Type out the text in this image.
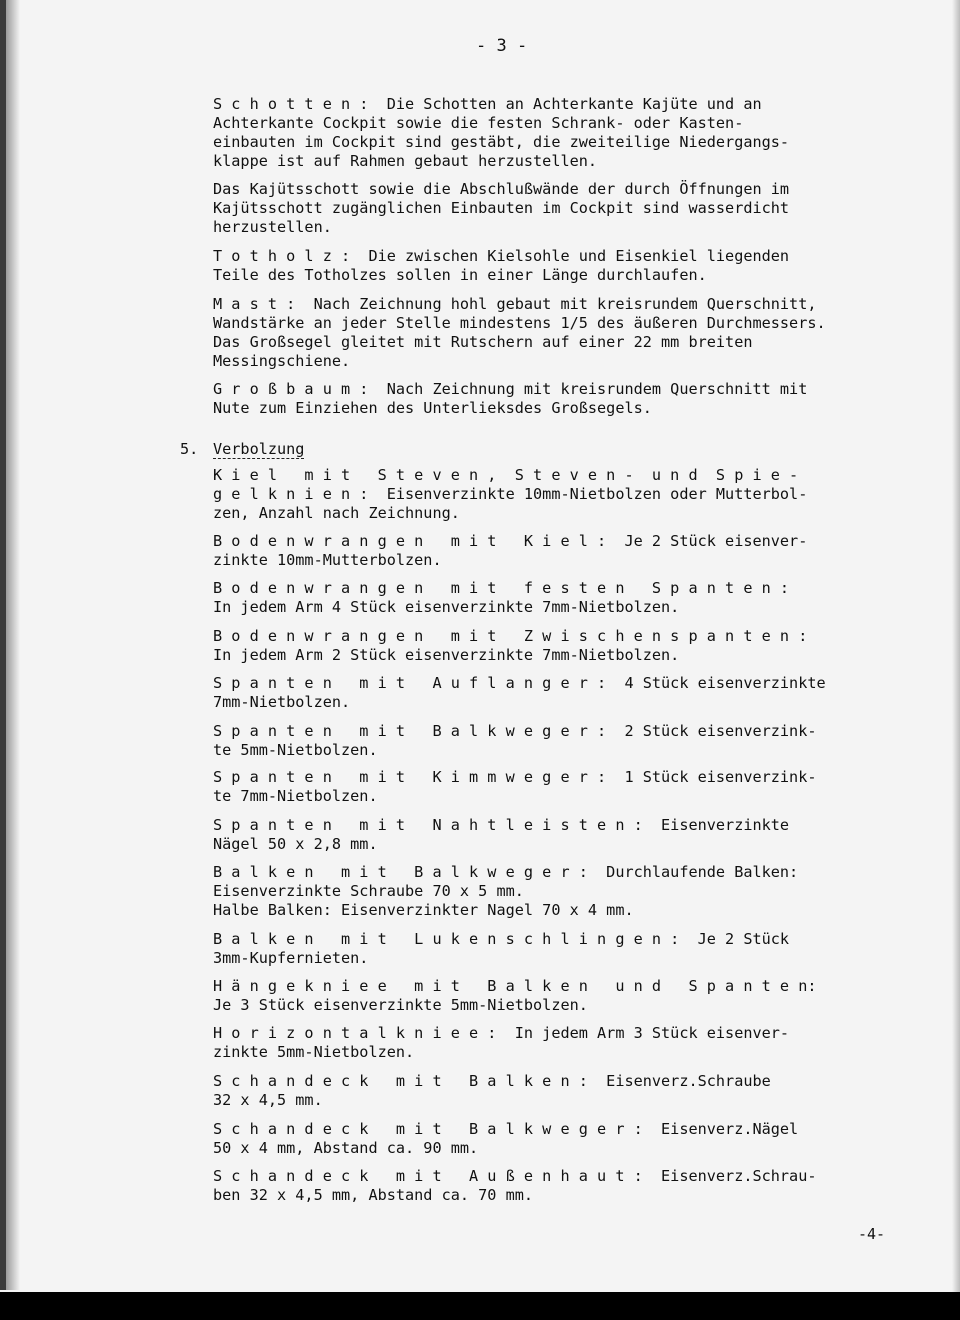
- 3 -
5. Verbolzung
S c h o t t e n :  Die Schotten an Achterkante Kajüte und an
Achterkante Cockpit sowie die festen Schrank- oder Kasten-
einbauten im Cockpit sind gestäbt, die zweiteilige Niedergangs-
klappe ist auf Rahmen gebaut herzustellen.
Das Kajütsschott sowie die Abschlußwände der durch Öffnungen im
Kajütsschott zugänglichen Einbauten im Cockpit sind wasserdicht
herzustellen.
T o t h o l z :  Die zwischen Kielsohle und Eisenkiel liegenden
Teile des Totholzes sollen in einer Länge durchlaufen.
M a s t :  Nach Zeichnung hohl gebaut mit kreisrundem Querschnitt,
Wandstärke an jeder Stelle mindestens 1/5 des äußeren Durchmessers.
Das Großsegel gleitet mit Rutschern auf einer 22 mm breiten
Messingschiene.
G r o ß b a u m :  Nach Zeichnung mit kreisrundem Querschnitt mit
Nute zum Einziehen des Unterlieksdes Großsegels.
K i e l   m i t   S t e v e n ,  S t e v e n -  u n d  S p i e -
g e l k n i e n :  Eisenverzinkte 10mm-Nietbolzen oder Mutterbol-
zen, Anzahl nach Zeichnung.
B o d e n w r a n g e n   m i t   K i e l :  Je 2 Stück eisenver-
zinkte 10mm-Mutterbolzen.
B o d e n w r a n g e n   m i t   f e s t e n   S p a n t e n :
In jedem Arm 4 Stück eisenverzinkte 7mm-Nietbolzen.
B o d e n w r a n g e n   m i t   Z w i s c h e n s p a n t e n :
In jedem Arm 2 Stück eisenverzinkte 7mm-Nietbolzen.
S p a n t e n   m i t   A u f l a n g e r :  4 Stück eisenverzinkte
7mm-Nietbolzen.
S p a n t e n   m i t   B a l k w e g e r :  2 Stück eisenverzink-
te 5mm-Nietbolzen.
S p a n t e n   m i t   K i m m w e g e r :  1 Stück eisenverzink-
te 7mm-Nietbolzen.
S p a n t e n   m i t   N a h t l e i s t e n :  Eisenverzinkte
Nägel 50 x 2,8 mm.
B a l k e n   m i t   B a l k w e g e r :  Durchlaufende Balken:
Eisenverzinkte Schraube 70 x 5 mm.
Halbe Balken: Eisenverzinkter Nagel 70 x 4 mm.
B a l k e n   m i t   L u k e n s c h l i n g e n :  Je 2 Stück
3mm-Kupfernieten.
H ä n g e k n i e e   m i t   B a l k e n   u n d   S p a n t e n:
Je 3 Stück eisenverzinkte 5mm-Nietbolzen.
H o r i z o n t a l k n i e e :  In jedem Arm 3 Stück eisenver-
zinkte 5mm-Nietbolzen.
S c h a n d e c k   m i t   B a l k e n :  Eisenverz.Schraube
32 x 4,5 mm.
S c h a n d e c k   m i t   B a l k w e g e r :  Eisenverz.Nägel
50 x 4 mm, Abstand ca. 90 mm.
S c h a n d e c k   m i t   A u ß e n h a u t :  Eisenverz.Schrau-
ben 32 x 4,5 mm, Abstand ca. 70 mm.
-4-
